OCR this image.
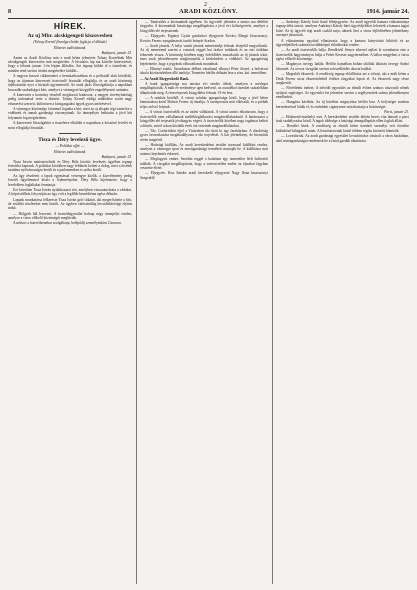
2
8	ARADI KÖZLÖNY.	1914. január 24.
HÍREK.
Az uj Mbr. alcskigengeti kiszovesben
(Tolnay Kornél főszolga elnöke fogla,ja el állását)
Előzetes tudósításunk.
Budapest, január 23.

Amint az Aradi Közlöny már e mult héten jelentette Tolnay Kornélnak Már alcsikgengeti kinevezése már megtörtént. A hivatalos lap ma közölte kinevezését, hogy a február januar 1-én lépjen állásába. Azt tegnap küldte el a tíszteletet, és minden rend szerint történt megtételére küldőtt...

A nagyon hosszú cikkmenetet a bemutatkozásban és a próbaidő alatt közöltük, hogy az újonnan kinevezett tisztviselő hivatalát elfoglalja, és az aradi közönség tájékoztatást nyer a hivatali ügymenetről. Az aradi járás főszolgabírója a napokban hosszabb szabadságot kért, amelyet a vármegyei közgyűlés engedélyezett számára.

A kinevezés a kormány részéről meghozott határozat, a megyei törvényhatóság pedig tudomásul vette a döntést. Tolnay Kornél eddigi működése során nagy elismerést szerzett, különösen a közigazgatási ügyek gyors intézésével.

A vármegye közönsége örömmel fogadta a hírt, mert az uj alispán régi ismerőse a vidéknek és annak gazdasági viszonyainak. Az ünnepélyes beiktatás a jövő hét folyamán fog megtörténni.

A kinevezett főszolgabíró a tiszteletre elküldte a napokban a köszönő levelét és most elfoglalja hivatalát.

Tisza és Déry levelező ügye.
— Politikai affér. —
Előzetes tudósításunk.
Budapest, január 23.

Tisza István miniszterelnök és Déry Béla közötti levelezés ügyében tegnap értesítést kaptunk. A politikai körökben nagy feltűnést keltett a dolog, mert a levelek tartalma nyilvánosságra került és a parlamentben is szóba került.

Az ügy részleteit a lapok egymással versengve közlik, a közvélemény pedig feszült figyelemmel kíséri a fejleményeket. Déry Béla kijelentette, hogy a levelekben foglaltakat fenntartja.

Ezt követően Tisza István nyilatkozatot tett, amelyben visszautasította a vádakat. A képviselőház folyosóján az ügy volt a legfőbb beszédtéma egész délután.

Lapunk munkatársa felkereste Tisza István gróf titkárát, aki megerősítette a hírt, de további részleteket nem közölt. Az ügyben valószínűleg becsületbírósági eljárás indul.

— Hölgyek bál leszvent. A honvédegyesület holnap nagy ünnepélyt rendez, amelyre a város előkelő közönségét meghívták.

A műsort a honvédzenekar szolgáltatja; belépődíj személyenkint 2 korona.

— Tanácsülés a közmunkák ügyében. Az ügyviteli jelentést a tanács ma délelőtt tárgyalta. A közmunkák bizottsága megállapította a jövő évi költségvetést, amelyet a közgyűlés elé terjesztenek.

— Eljegyzés. Ergányi Gyula gazdatiszt eljegyezte Kovács Margit kisasszonyt, Kovács Ferenc nyugalmazott tanító leányát Aradon.

— Aradi járatok. A helyi vasúti járatok menetrendje február elsejétől megváltozik. Az új menetrend szerint a vonatok reggel hat órakor indulnak és az esti órákban érkeznek vissza. A közönség körében nagy érdeklődés mutatkozik az új járatok iránt, mert azok jelentékenyen megkönnyítik a közlekedést a vidékkel. Az igazgatóság bejelentette, hogy a jegyárak változatlanok maradnak.

— Elhunyt tanító. Szombaton délben váratlanul elhunyt Péter József, a belvárosi iskola köztiszteletben álló tanítója. Temetése hétfőn délután lesz a róm. kat. temetőben.

— Az Aradi Kiegyezkedő Bank.

A bank igazgatósága ma tartotta évi rendes ülését, amelyen a mérleget megállapították. A múlt év eredménye igen kedvező, az osztalékot tizenkét százalékban állapították meg. A részvényesek közgyűlése február 15-én lesz.

— A színház köréből. A városi színház igazgatósága közli, hogy a jövő héten bemutatásra kerül Molnár Ferenc új darabja. A szereposztás már elkészült, és a próbák teljes erővel folynak.

— A városi tisztviselők és az üzleti vállalatok. A városi tanács elhatározta, hogy a tisztviselők nem vállalhatnak mellékfoglalkozást magánvállalatoknál. A határozatot a közgyűlés elé terjesztik jóváhagyás végett. A tisztviselők körében nagy izgalmat keltett a döntés, mivel sokan közülük évek óta vezetnek magánvállalatokat.

— Tűz. Csütörtökön éjjel a Vásártéren tűz ütött ki egy faraktárban. A tűzoltóság gyors beavatkozása megakadályozta a tűz terjedését. A kár jelentékeny, de biztosítás révén megtérül.

— Hatósági kiállítás. Az aradi kereskedelmi testület tavasszal kiállítást rendez, amelyen a vármegye ipari és mezőgazdasági termékeit mutatják be. A kiállításra már számos bejelentés érkezett.

— Megfagyott ember. Szerdán reggel a határban egy ismeretlen férfi holttestét találták. A vizsgálat megállapította, hogy a szerencsétlen ember az éjszakai fagyban vesztette életét.

— Eljegyzés. Kiss Sándor aradi kereskedő eljegyezte Nagy Ilona kisasszonyt Szegedről.

— Andrányi Károly báró fiatal főbejegyzése. Az aradi ügyvédi kamara választmánya tegnap ülést tartott, amelyen Andrányi Károly báró ügyvédjelöltet felvették a kamara tagjai közé. Az új ügyvéd régi aradi család sarja, akinek ősei a város fejlődésében jelentékeny szerepet játszottak.

A választmány egyúttal elhatározta, hogy a kamara könyvtárát kibővíti és az ügyvédjelöltek számára továbbképző előadásokat rendez.

— Az aradi tisztviselők bálja. Rendkívül fényes sikerrel zajlott le szombaton este a tisztviselők hagyományos bálja a Fehér Kereszt nagytermében. A bálon megjelent a város egész előkelő közönsége.

— Magányos özvegy halála. Hétfőn hajnalban holtan találták lakásán özvegy Szabó Jánosnét. Az orvosi vizsgálat szerint szívszélhűdés okozta halálát.

— Megtalált ékszerek. A rendőrség tegnap előállította azt a tolvajt, aki a múlt héten a Deák Ferenc utcai ékszerüzletből értékes tárgyakat lopott el. Az ékszerek nagy része megkerült.

— Nővédelmi intézet. A nővédő egyesület az elmúlt évben számos rászoruló nőnek nyújtott segítséget. Az egyesület évi jelentése szerint a segélyezettek száma jelentékenyen emelkedett.

— Hungária kávéház. Az új kávéház megnyitása hétfőn lesz. A helyiséget modern berendezéssel látták el, és esténként cigányzene szórakoztatja a közönséget.

Paris, január 23.

— Hódmezővásárhelyi eset. A kereskedelmi testület ülésén heves vita támadt a piaci árak szabályozása körül. A tagok többsége a hatósági ármegállapítás ellen foglalt állást.

— Rendőri hírek. A rendőrség az elmúlt héten tizenkét személyt vett őrizetbe különböző kihágások miatt. A letartóztatottak közül többen régóta körözött bűnözők.

— Lovasbirtok. Az aradi gazdasági egyesület lovasbirtokot vásárolt a város határában, ahol mintagazdaságot rendeznek be a fiatal gazdák oktatására.
